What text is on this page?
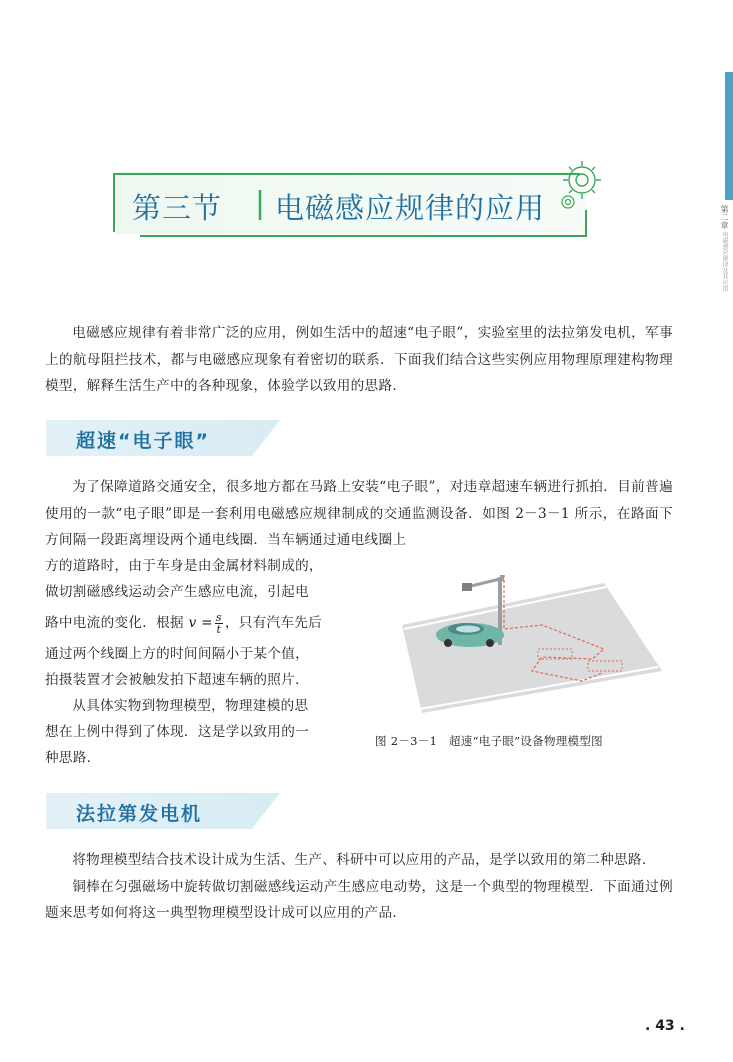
第二章 电磁感应规律及其应用
第三节 电磁感应规律的应用

电磁感应规律有着非常广泛的应用，例如生活中的超速“电子眼”，实验室里的法拉第发电机，军事上的航母阻拦技术，都与电磁感应现象有着密切的联系．下面我们结合这些实例应用物理原理建构物理模型，解释生活生产中的各种现象，体验学以致用的思路．

超速“电子眼”

为了保障道路交通安全，很多地方都在马路上安装“电子眼”，对违章超速车辆进行抓拍．目前普遍使用的一款“电子眼”即是一套利用电磁感应规律制成的交通监测设备．如图 2－3－1 所示，在路面下方间隔一段距离埋设两个通电线圈．当车辆通过通电线圈上

方的道路时，由于车身是由金属材料制成的，
做切割磁感线运动会产生感应电流，引起电
路中电流的变化．根据 $v = \frac{s}{t}$ ，只有汽车先后
通过两个线圈上方的时间间隔小于某个值，
拍摄装置才会被触发拍下超速车辆的照片．
从具体实物到物理模型，物理建模的思
想在上例中得到了体现．这是学以致用的一
种思路．
图 2－3－1　超速“电子眼”设备物理模型图
法拉第发电机

将物理模型结合技术设计成为生活、生产、科研中可以应用的产品，是学以致用的第二种思路．

铜棒在匀强磁场中旋转做切割磁感线运动产生感应电动势，这是一个典型的物理模型．下面通过例题来思考如何将这一典型物理模型设计成可以应用的产品．

. 43 .
